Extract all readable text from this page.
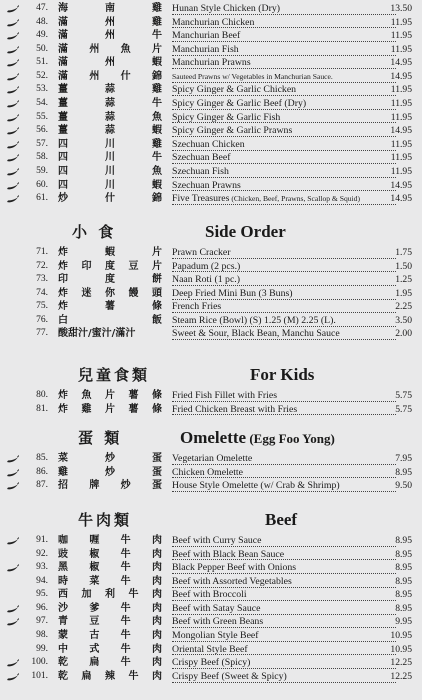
47. 海	南	雞 Hunan Style Chicken (Dry)	13.50
48. 滿	州	雞 Manchurian Chicken	11.95
49. 滿	州	牛 Manchurian Beef	11.95
50. 滿 州 魚 片 Manchurian Fish	11.95
51. 滿	州	蝦 Manchurian Prawns	14.95
52. 滿 州 什 錦 Sauteed Prawns w/ Vegetables in Manchurian Sauce.	14.95
53. 薑	蒜	雞 Spicy Ginger & Garlic Chicken	11.95
54. 薑	蒜	牛 Spicy Ginger & Garlic Beef (Dry)	11.95
55. 薑	蒜	魚 Spicy Ginger & Garlic Fish	11.95
56. 薑	蒜	蝦 Spicy Ginger & Garlic Prawns	14.95
57. 四	川	雞 Szechuan Chicken	11.95
58. 四	川	牛 Szechuan Beef	11.95
59. 四	川	魚 Szechuan Fish	11.95
60. 四	川	蝦 Szechuan Prawns	14.95
61. 炒	什	錦 Five Treasures (Chicken, Beef, Prawns, Scallop & Squid)	14.95
小 食	Side Order
71. 炸	蝦	片 Prawn Cracker	1.75
72. 炸 印 度 豆 片 Papadum (2 pcs.)	1.50
73. 印	度	餅 Naan Roti (1 pc.)	1.25
74. 炸 迷 你 饅 頭 Deep Fried Mini Bun (3 Buns)	1.95
75. 炸	薯	條 French Fries	2.25
76. 白	飯 Steam Rice (Bowl) (S) 1.25 (M) 2.25 (L).	3.50
77. 酸 甜 汁 / 蜜 汁 / 滿 汁	Sweet & Sour, Black Bean, Manchu Sauce	2.00
兒童食類	For Kids
80. 炸 魚 片 薯 條 Fried Fish Fillet with Fries	5.75
81. 炸 雞 片 薯 條 Fried Chicken Breast with Fries	5.75
蛋 類	Omelette (Egg Foo Yong)
85. 菜	炒	蛋 Vegetarian Omelette	7.95
86. 雞	炒	蛋 Chicken Omelette	8.95
87. 招 牌 炒 蛋 House Style Omelette (w/ Crab & Shrimp)	9.50
牛肉類	Beef
91. 咖 喱 牛 肉 Beef with Curry Sauce	8.95
92. 豉 椒 牛 肉 Beef with Black Bean Sauce	8.95
93. 黑 椒 牛 肉 Black Pepper Beef with Onions	8.95
94. 時 菜 牛 肉 Beef with Assorted Vegetables	8.95
95. 西 加 利 牛 肉 Beef with Broccoli	8.95
96. 沙 爹 牛 肉 Beef with Satay Sauce	8.95
97. 青 豆 牛 肉 Beef with Green Beans	9.95
98. 蒙 古 牛 肉 Mongolian Style Beef	10.95
99. 中 式 牛 肉 Oriental Style Beef	10.95
100. 乾 扁 牛 肉 Crispy Beef (Spicy)	12.25
101. 乾 扁 辣 牛 肉 Crispy Beef (Sweet & Spicy)	12.25
